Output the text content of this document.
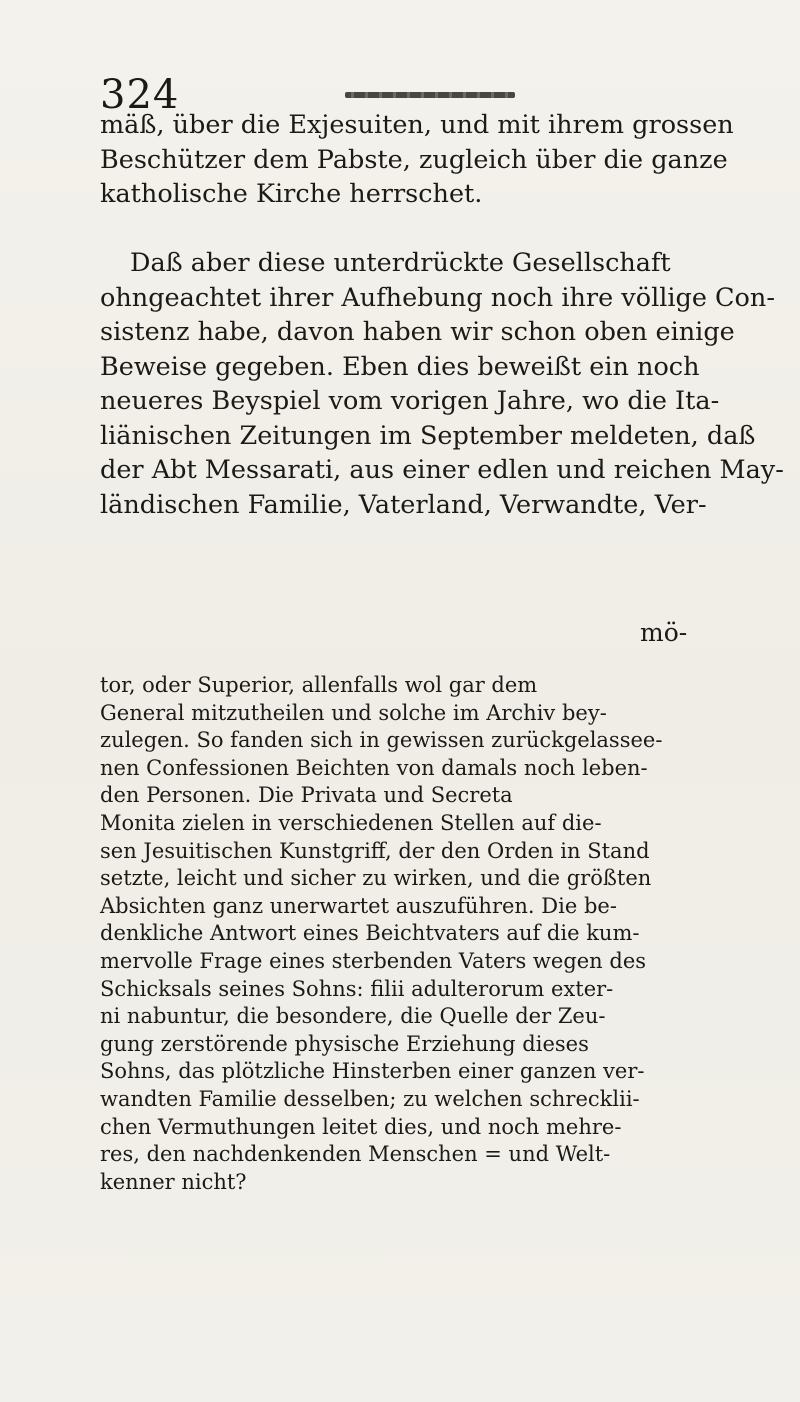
324
mäß, über die Exjesuiten, und mit ihrem grossen
Beschützer dem Pabste, zugleich über die ganze
katholische Kirche herrschet.

Daß aber diese unterdrückte Gesellschaft
ohngeachtet ihrer Aufhebung noch ihre völlige Con-
sistenz habe, davon haben wir schon oben einige
Beweise gegeben. Eben dies beweißt ein noch
neueres Beyspiel vom vorigen Jahre, wo die Ita-
liänischen Zeitungen im September meldeten, daß
der Abt Messarati, aus einer edlen und reichen May-
ländischen Familie, Vaterland, Verwandte, Ver-
mö-
tor, oder Superior, allenfalls wol gar dem
General mitzutheilen und solche im Archiv bey-
zulegen. So fanden sich in gewissen zurückgelassee-
nen Confessionen Beichten von damals noch leben-
den Personen. Die Privata und Secreta
Monita zielen in verschiedenen Stellen auf die-
sen Jesuitischen Kunstgriff, der den Orden in Stand
setzte, leicht und sicher zu wirken, und die größten
Absichten ganz unerwartet auszuführen. Die be-
denkliche Antwort eines Beichtvaters auf die kum-
mervolle Frage eines sterbenden Vaters wegen des
Schicksals seines Sohns: filii adulterorum exter-
ni nabuntur, die besondere, die Quelle der Zeu-
gung zerstörende physische Erziehung dieses
Sohns, das plötzliche Hinsterben einer ganzen ver-
wandten Familie desselben; zu welchen schrecklii-
chen Vermuthungen leitet dies, und noch mehre-
res, den nachdenkenden Menschen = und Welt-
kenner nicht?
